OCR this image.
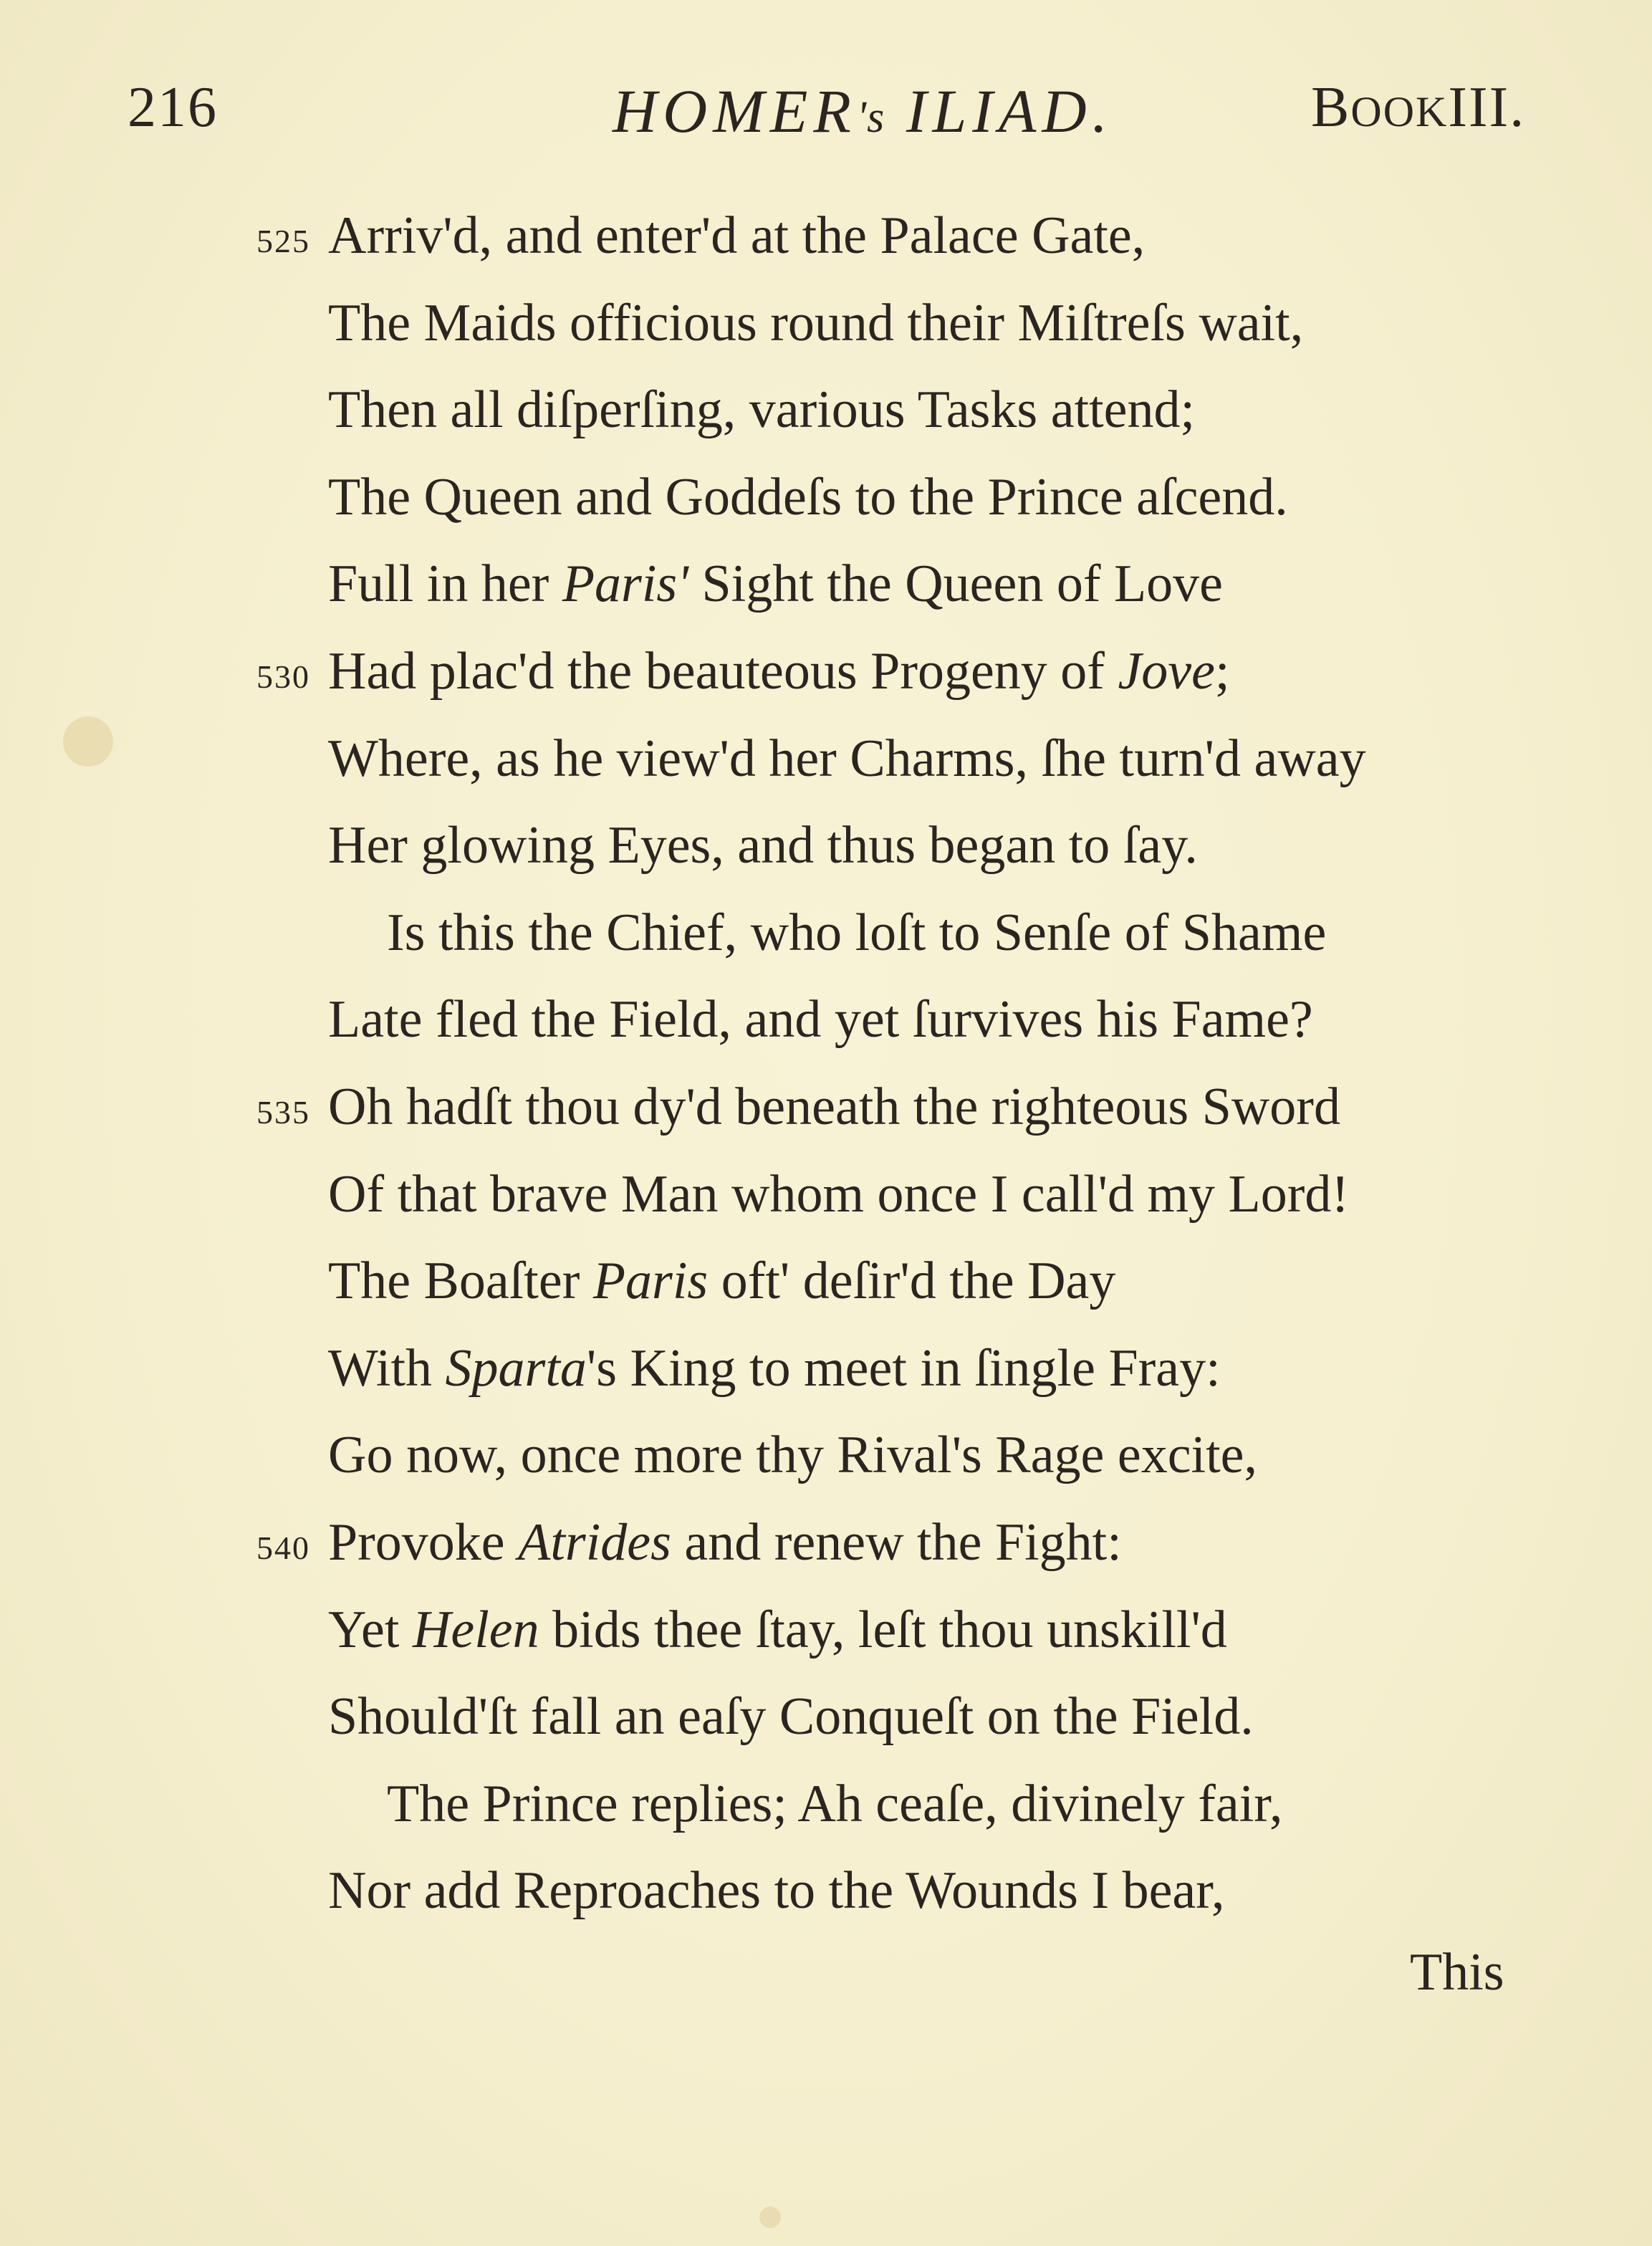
216	HOMER's ILIAD.	BOOKIII.
525 Arriv'd, and enter'd at the Palace Gate,
The Maids officious round their Miſtreſs wait,
Then all diſperſing, various Tasks attend;
The Queen and Goddeſs to the Prince aſcend.
Full in her Paris' Sight the Queen of Love
530 Had plac'd the beauteous Progeny of Jove;
Where, as he view'd her Charms, ſhe turn'd away
Her glowing Eyes, and thus began to ſay.
Is this the Chief, who loſt to Senſe of Shame
Late fled the Field, and yet ſurvives his Fame?
535 Oh hadſt thou dy'd beneath the righteous Sword
Of that brave Man whom once I call'd my Lord!
The Boaſter Paris oft' deſir'd the Day
With Sparta's King to meet in ſingle Fray:
Go now, once more thy Rival's Rage excite,
540 Provoke Atrides and renew the Fight:
Yet Helen bids thee ſtay, leſt thou unskill'd
Should'ſt fall an eaſy Conqueſt on the Field.
The Prince replies; Ah ceaſe, divinely fair,
Nor add Reproaches to the Wounds I bear,
This
